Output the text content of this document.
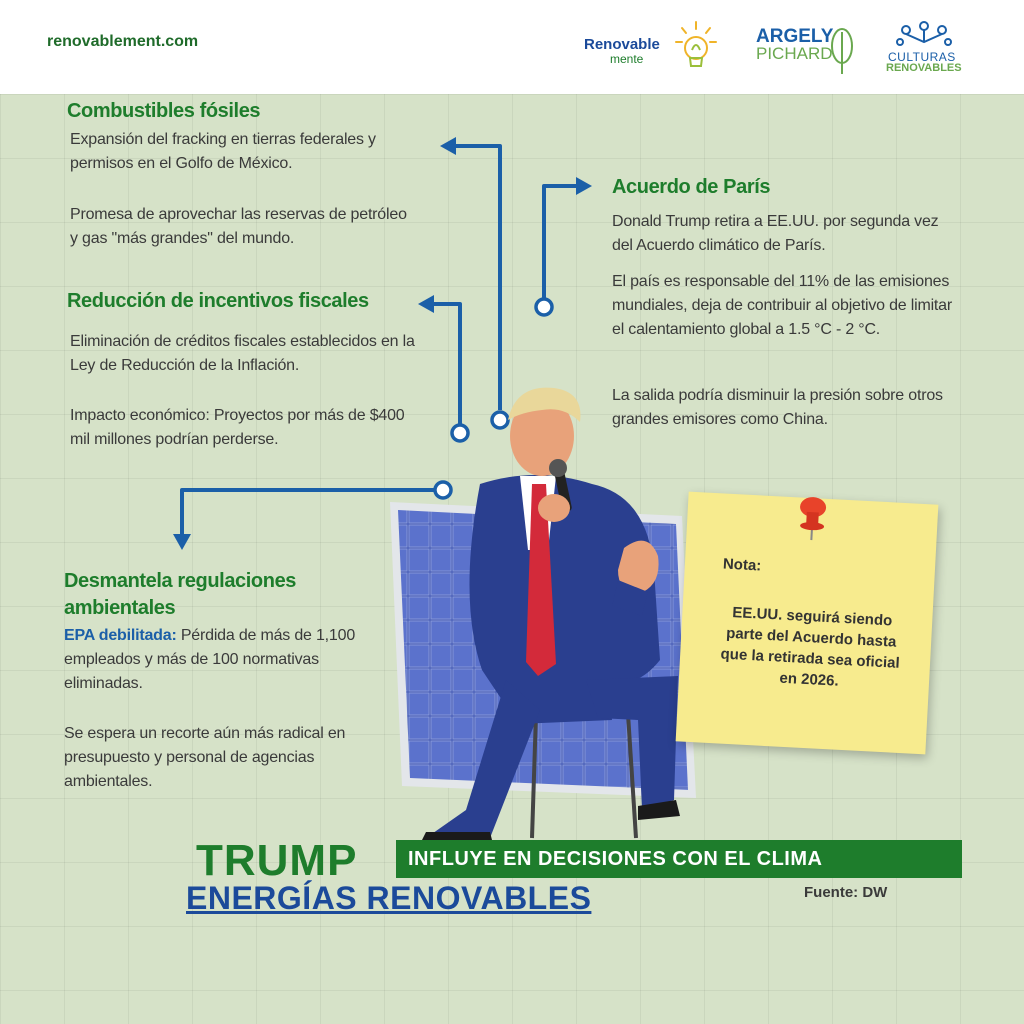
renovablement.com	Renovable
mente
ARGELY
PICHARD	CULTURAS
RENOVABLES
Combustibles fósiles
Expansión del fracking en tierras federales y permisos en el Golfo de México.
Promesa de aprovechar las reservas de petróleo y gas "más grandes" del mundo.
Reducción de incentivos fiscales
Eliminación de créditos fiscales establecidos en la Ley de Reducción de la Inflación.
Impacto económico: Proyectos por más de $400 mil millones podrían perderse.
Acuerdo de París
Donald Trump retira a EE.UU. por segunda vez del Acuerdo climático de París.
El país es responsable del 11% de las emisiones mundiales, deja de contribuir al objetivo de limitar el calentamiento global a 1.5 °C - 2 °C.
La salida podría disminuir la presión sobre otros grandes emisores como China.
Desmantela regulaciones ambientales
EPA debilitada: Pérdida de más de 1,100 empleados y más de 100 normativas eliminadas.
Se espera un recorte aún más radical en presupuesto y personal de agencias ambientales.
Nota:
EE.UU. seguirá siendo parte del Acuerdo hasta que la retirada sea oficial en 2026.
TRUMP	INFLUYE EN DECISIONES CON EL CLIMA
ENERGÍAS RENOVABLES	Fuente: DW
